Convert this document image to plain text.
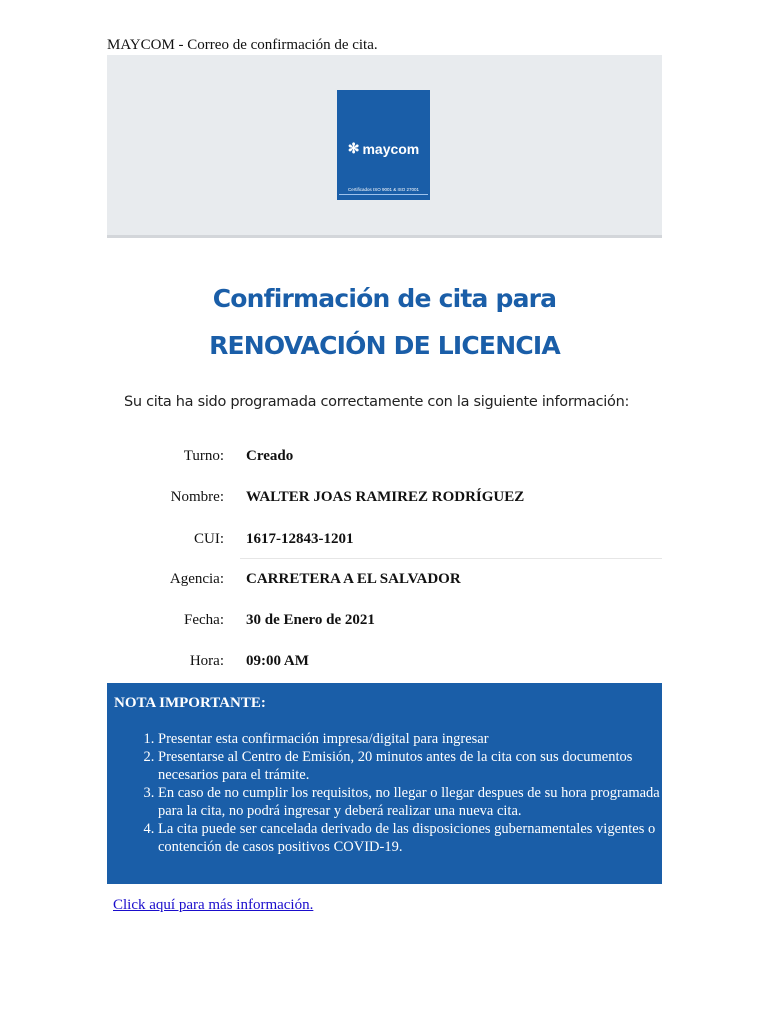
MAYCOM - Correo de confirmación de cita.
✻ maycom
Certificados ISO 9001 & ISO 27001
Confirmación de cita para
RENOVACIÓN DE LICENCIA
Su cita ha sido programada correctamente con la siguiente información:
Turno: Creado
Nombre: WALTER JOAS RAMIREZ RODRÍGUEZ
CUI: 1617-12843-1201
Agencia: CARRETERA A EL SALVADOR
Fecha: 30 de Enero de 2021
Hora: 09:00 AM
NOTA IMPORTANTE:
1. Presentar esta confirmación impresa/digital para ingresar
2. Presentarse al Centro de Emisión, 20 minutos antes de la cita con sus documentos necesarios para el trámite.
3. En caso de no cumplir los requisitos, no llegar o llegar despues de su hora programada para la cita, no podrá ingresar y deberá realizar una nueva cita.
4. La cita puede ser cancelada derivado de las disposiciones gubernamentales vigentes o contención de casos positivos COVID-19.
Click aquí para más información.
